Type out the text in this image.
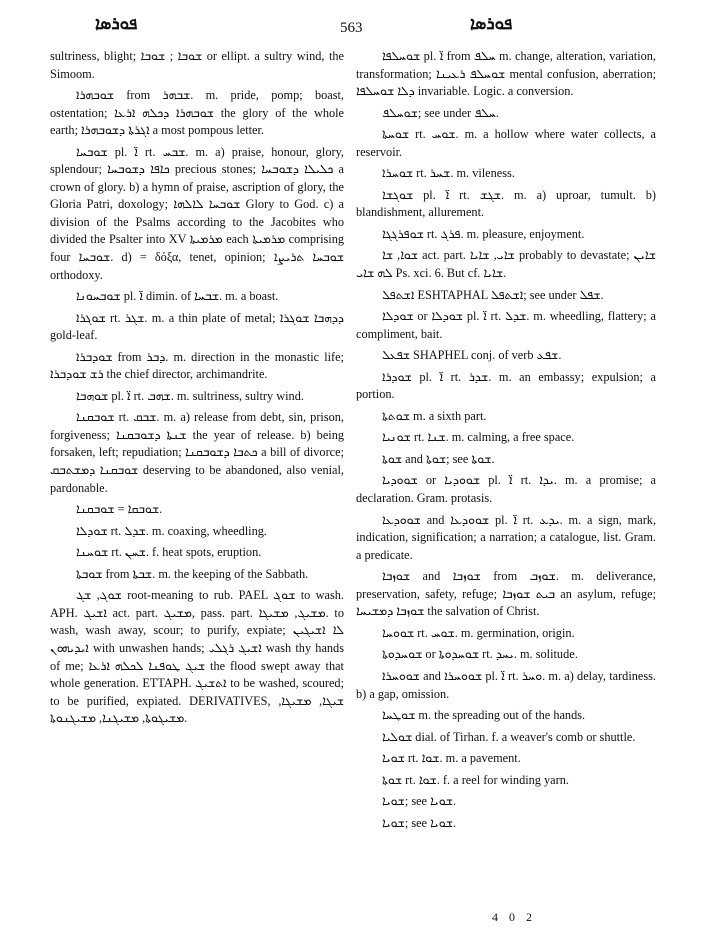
ܦܘܪܣܐ	563	ܦܘܪܣܐ

sultriness, blight; ܫܘܒܐ ; ܫܘܒܐ or ellipt. a sultry wind, the Simoom.

ܫܘܒܗܪܐ from ܫܒܗܪ. m. pride, pomp; boast, ostentation; ܫܘܒܗܪܐ ܕܟܠܗ ܐܪܥܐ the glory of the whole earth; ܐܓܪܬܐ ܕܫܘܒܗܪܐ a most pompous letter.

ܫܘܒܚܐ pl. ܐ̈ rt. ܫܒܚ. m. a) praise, honour, glory, splendour; ܟܐܦܐ ܕܫܘܒܚܐ precious stones; ܟܠܝܠܐ ܕܫܘܒܚܐ a crown of glory. b) a hymn of praise, ascription of glory, the Gloria Patri, doxology; ܫܘܒܚܐ ܠܐܠܗܐ Glory to God. c) a division of the Psalms according to the Jacobites who divided the Psalter into XV ܡܪܡܝܬܐ each ܡܪܡܝܬܐ comprising four ܫܘܒܚܐ. d) = δόξα, tenet, opinion; ܫܘܒܚܐ ܬܪܝܨܐ orthodoxy.

ܫܘܒܚܘܢܐ pl. ܐ̈ dimin. of ܫܒܚܐ. m. a boast.

ܫܘܓܪܐ rt. ܫܓܪ. m. a thin plate of metal; ܕܕܗܒܐ ܫܘܓܪܐ gold-leaf.

ܫܘܕܒܪܐ from ܕܒܪ. m. direction in the monastic life; ܪܫ ܫܘܕܒܪܐ the chief director, archimandrite.

ܫܘܗܒܐ pl. ܐ̈ rt. ܫܗܒ. m. sultriness, sultry wind.

ܫܘܒܩܢܐ rt. ܫܒܩ. m. a) release from debt, sin, prison, forgiveness; ܫܢܬܐ ܕܫܘܒܩܢܐ the year of release. b) being forsaken, left; repudiation; ܟܬܒܐ ܕܫܘܒܩܢܐ a bill of divorce; ܫܘܒܩܢܐ ܕܡܫܬܒܩ deserving to be abandoned, also venial, pardonable.

ܫܘܒܩܐ = ܫܘܒܩܢܐ.

ܫܘܕܠܐ rt. ܫܕܠ. m. coaxing, wheedling.

ܫܘܚܢܐ rt. ܫܚܢ. f. heat spots, eruption.

ܫܘܒܬܐ from ܫܒܬܐ. m. the keeping of the Sabbath.

ܫܘܓ, ܫܓ root-meaning to rub. PAEL ܫܘܓ to wash. APH. ܐܫܝܓ act. part. ܡܫܝܓ, pass. part. ܡܫܝܓ, ܡܫܝܓܐ. to wash, wash away, scour; to purify, expiate; ܠܐ ܐܫܝܓܝܢ ܐܝܕܝܗܘܢ with unwashen hands; ܐܫܝܓ ܪܓܠܝ wash thy hands of me; ܫܝܓ ܛܘܦܢܐ ܠܟܠܗ ܐܪܥܐ the flood swept away that whole generation. ETTAPH. ܐܬܫܝܓ to be washed, scoured; to be purified, expiated. DERIVATIVES, ܫܝܓܐ, ܡܫܝܓܐ, ܡܫܝܓܘܬܐ, ܡܫܝܓܢܐ, ܡܫܝܓܢܘܬܐ.

ܫܘܚܠܦܐ pl. ܐ̈ from ܚܠܦ m. change, alteration, variation, transformation; ܫܘܚܠܦ ܪܥܝܢܐ mental confusion, aberration; ܕܠܐ ܫܘܚܠܦܐ invariable. Logic. a conversion.

ܫܘܚܠܦ; see under ܚܠܦ.

ܫܘܚܬܐ rt. ܫܘܚ. m. a hollow where water collects, a reservoir.

ܫܘܚܪܐ rt. ܫܚܪ. m. vileness.

ܫܘܓܫܐ pl. ܐ̈ rt. ܫܓܫ. m. a) uproar, tumult. b) blandishment, allurement.

ܫܘܦܪܓܓܐ rt. ܦܪܓ. m. pleasure, enjoyment.

ܫܘܐ, ܫܐ act. part. ܫܐܝ, ܫܐܝܐ probably to devastate; ܫܐܝܢ ܠܗ ܫܐܝ Ps. xci. 6. But cf. ܫܐܝܐ.

ܐܫܬܦܠ ESHTAPHAL ܐܫܬܦܠ; see under ܫܦܠ.

ܫܘܕܠܐ or ܫܘܕܠܐ pl. ܐ̈ rt. ܫܕܠ. m. wheedling, flattery; a compliment, bait.

ܫܦܥܠ SHAPHEL conj. of verb ܫܦܥ.

ܫܘܕܪܐ pl. ܐ̈ rt. ܫܕܪ. m. an embassy; expulsion; a portion.

ܫܘܬܬܐ m. a sixth part.

ܫܘܢܝܐ rt. ܫܢܐ. m. calming, a free space.

ܫܘܬܐ and ܫܘܬܐ; see ܫܘܬܐ.

ܫܘܘܕܝܐ or ܫܘܘܕܝܐ pl. ܐ̈ rt. ܝܕܐ. m. a promise; a declaration. Gram. protasis.

ܫܘܘܕܥܐ and ܫܘܘܕܥܐ pl. ܐ̈ rt. ܝܕܥ. m. a sign, mark, indication, signification; a narration; a catalogue, list. Gram. a predicate.

ܫܘܙܒܐ and ܫܘܙܒܐ from ܫܘܙܒ. m. deliverance, preservation, safety, refuge; ܒܝܬ ܫܘܙܒܐ an asylum, refuge; ܫܘܙܒܐ ܕܡܫܝܚܐ the salvation of Christ.

ܫܘܘܚܐ rt. ܫܘܚ. m. germination, origin.

ܫܘܚܕܘܬܐ or ܫܘܚܕܘܬܐ rt. ܝܚܕ. m. solitude.

ܫܘܘܚܪܐ and ܫܘܘܚܪܐ pl. ܐ̈ rt. ܘܚܪ. m. a) delay, tardiness. b) a gap, omission.

ܫܘܛܚܐ m. the spreading out of the hands.

ܫܘܠܝܐ dial. of Tirhan. f. a weaver's comb or shuttle.

ܫܘܝܐ rt. ܫܘܐ. m. a pavement.

ܫܘܬܐ rt. ܫܘܐ. f. a reel for winding yarn.

ܫܘܝܐ; see ܫܘܝܐ.

ܫܘܝܐ; see ܫܘܝܐ.

4 0 2
